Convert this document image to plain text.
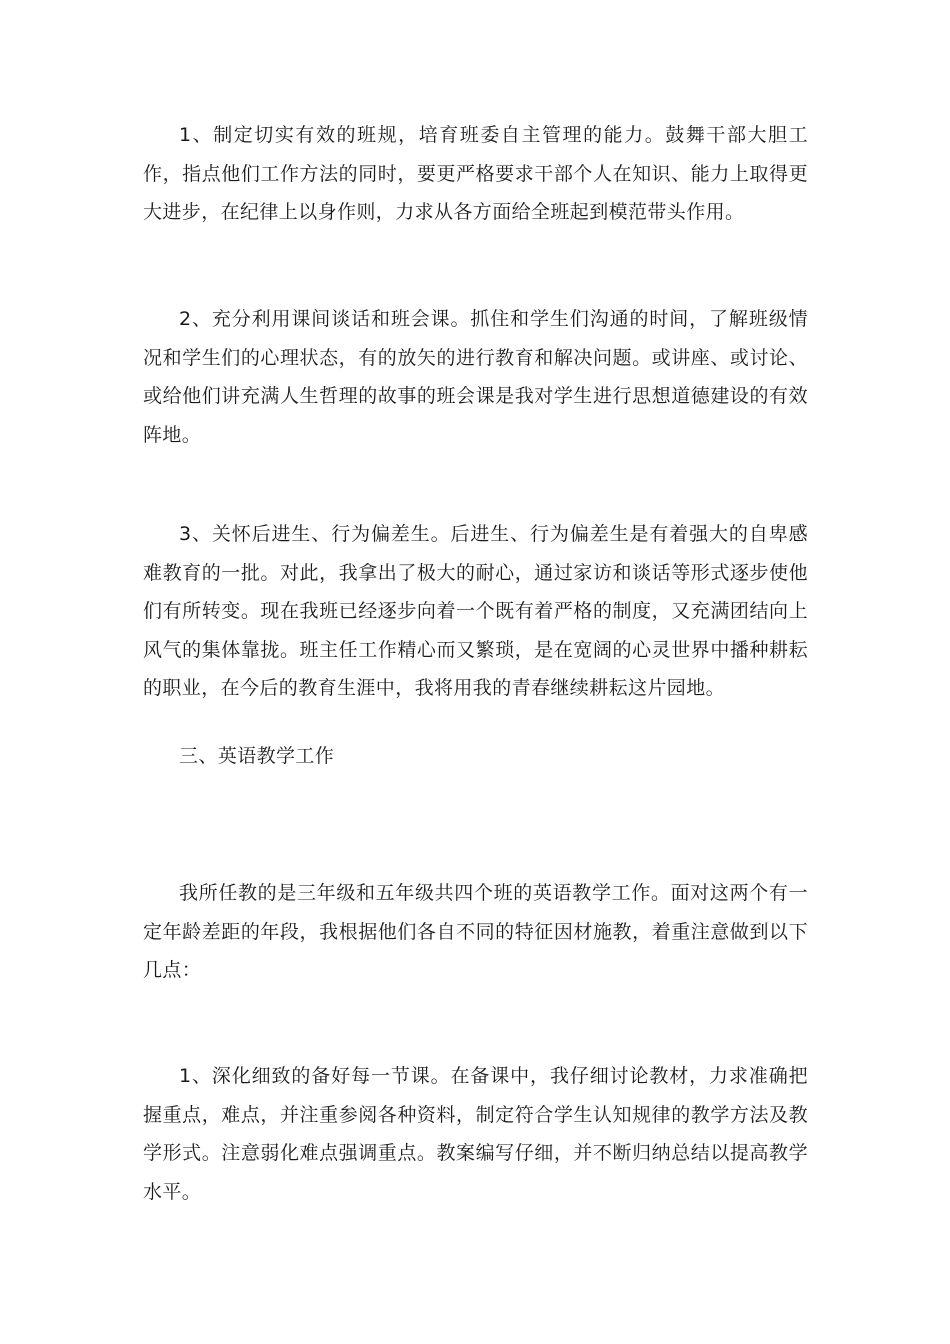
1、制定切实有效的班规，培育班委自主管理的能力。鼓舞干部大胆工作，指点他们工作方法的同时，要更严格要求干部个人在知识、能力上取得更大进步，在纪律上以身作则，力求从各方面给全班起到模范带头作用。

2、充分利用课间谈话和班会课。抓住和学生们沟通的时间，了解班级情况和学生们的心理状态，有的放矢的进行教育和解决问题。或讲座、或讨论、或给他们讲充满人生哲理的故事的班会课是我对学生进行思想道德建设的有效阵地。

3、关怀后进生、行为偏差生。后进生、行为偏差生是有着强大的自卑感难教育的一批。对此，我拿出了极大的耐心，通过家访和谈话等形式逐步使他们有所转变。现在我班已经逐步向着一个既有着严格的制度，又充满团结向上风气的集体靠拢。班主任工作精心而又繁琐，是在宽阔的心灵世界中播种耕耘的职业，在今后的教育生涯中，我将用我的青春继续耕耘这片园地。

三、英语教学工作

我所任教的是三年级和五年级共四个班的英语教学工作。面对这两个有一定年龄差距的年段，我根据他们各自不同的特征因材施教，着重注意做到以下几点：

1、深化细致的备好每一节课。在备课中，我仔细讨论教材，力求准确把握重点，难点，并注重参阅各种资料，制定符合学生认知规律的教学方法及教学形式。注意弱化难点强调重点。教案编写仔细，并不断归纳总结以提高教学水平。
